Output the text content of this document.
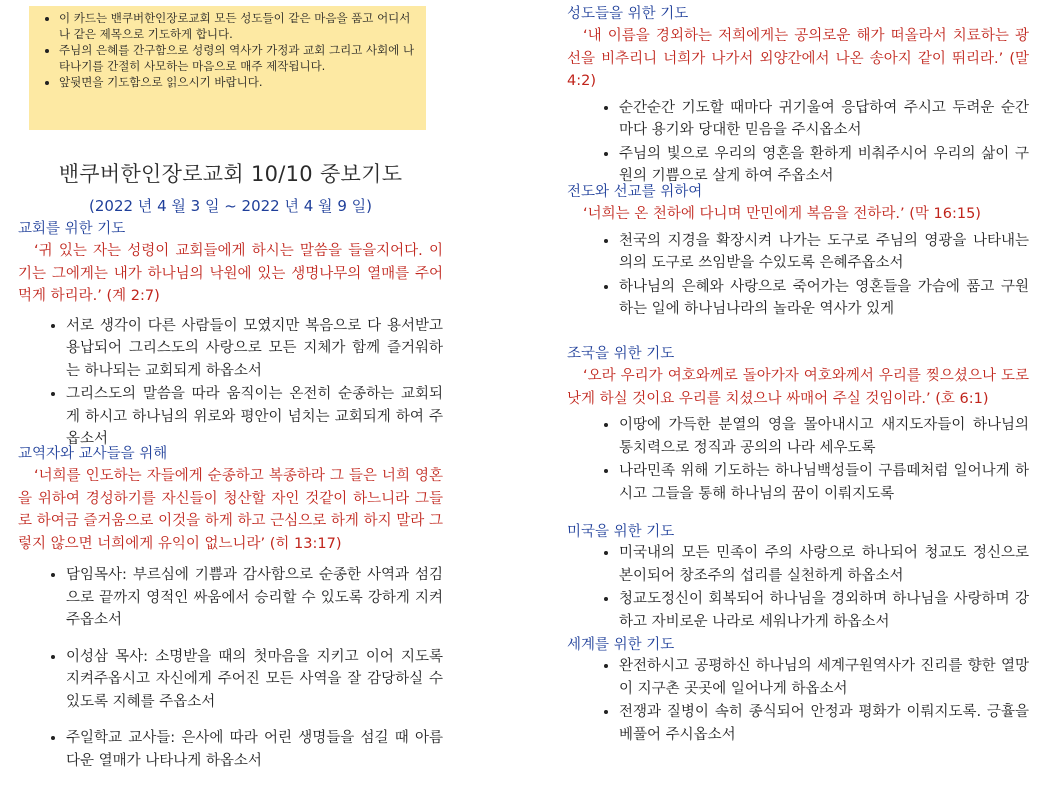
• 이 카드는 밴쿠버한인장로교회 모든 성도들이 같은 마음을 품고 어디서나 같은 제목으로 기도하게 합니다.
• 주님의 은혜를 간구함으로 성령의 역사가 가정과 교회 그리고 사회에 나타나기를 간절히 사모하는 마음으로 매주 제작됩니다.
• 앞뒷면을 기도함으로 읽으시기 바랍니다.
밴쿠버한인장로교회 10/10 중보기도
(2022 년 4 월 3 일 ~ 2022 년 4 월 9 일)
교회를 위한 기도

‘귀 있는 자는 성령이 교회들에게 하시는 말씀을 들을지어다. 이기는 그에게는 내가 하나님의 낙원에 있는 생명나무의 열매를 주어 먹게 하리라.’ (계 2:7)

• 서로 생각이 다른 사람들이 모였지만 복음으로 다 용서받고 용납되어 그리스도의 사랑으로 모든 지체가 함께 즐거워하는 하나되는 교회되게 하옵소서
• 그리스도의 말씀을 따라 움직이는 온전히 순종하는 교회되게 하시고 하나님의 위로와 평안이 넘치는 교회되게 하여 주옵소서
교역자와 교사들을 위해

‘너희를 인도하는 자들에게 순종하고 복종하라 그 들은 너희 영혼을 위하여 경성하기를 자신들이 청산할 자인 것같이 하느니라 그들로 하여금 즐거움으로 이것을 하게 하고 근심으로 하게 하지 말라 그렇지 않으면 너희에게 유익이 없느니라’ (히 13:17)

• 담임목사: 부르심에 기쁨과 감사함으로 순종한 사역과 섬김으로 끝까지 영적인 싸움에서 승리할 수 있도록 강하게 지켜 주옵소서
• 이성삼 목사: 소명받을 때의 첫마음을 지키고 이어 지도록 지켜주옵시고 자신에게 주어진 모든 사역을 잘 감당하실 수 있도록 지혜를 주옵소서
• 주일학교 교사들: 은사에 따라 어린 생명들을 섬길 때 아름다운 열매가 나타나게 하옵소서
성도들을 위한 기도

‘내 이름을 경외하는 저희에게는 공의로운 해가 떠올라서 치료하는 광선을 비추리니 너희가 나가서 외양간에서 나온 송아지 같이 뛰리라.’ (말 4:2)

• 순간순간 기도할 때마다 귀기울여 응답하여 주시고 두려운 순간마다 용기와 당대한 믿음을 주시옵소서
• 주님의 빛으로 우리의 영혼을 환하게 비춰주시어 우리의 삶이 구원의 기쁨으로 살게 하여 주옵소서
전도와 선교를 위하여

‘너희는 온 천하에 다니며 만민에게 복음을 전하라.’ (막 16:15)

• 천국의 지경을 확장시켜 나가는 도구로 주님의 영광을 나타내는 의의 도구로 쓰임받을 수있도록 은혜주옵소서
• 하나님의 은혜와 사랑으로 죽어가는 영혼들을 가슴에 품고 구원하는 일에 하나님나라의 놀라운 역사가 있게
조국을 위한 기도

‘오라 우리가 여호와께로 돌아가자 여호와께서 우리를 찢으셨으나 도로 낫게 하실 것이요 우리를 치셨으나 싸매어 주실 것임이라.’ (호 6:1)

• 이땅에 가득한 분열의 영을 몰아내시고 새지도자들이 하나님의 통치력으로 정직과 공의의 나라 세우도록
• 나라민족 위해 기도하는 하나님백성들이 구름떼처럼 일어나게 하시고 그들을 통해 하나님의 꿈이 이뤄지도록
미국을 위한 기도
• 미국내의 모든 민족이 주의 사랑으로 하나되어 청교도 정신으로 본이되어 창조주의 섭리를 실천하게 하옵소서
• 청교도정신이 회복되어 하나님을 경외하며 하나님을 사랑하며 강하고 자비로운 나라로 세워나가게 하옵소서
세계를 위한 기도
• 완전하시고 공평하신 하나님의 세계구원역사가 진리를 향한 열망이 지구촌 곳곳에 일어나게 하옵소서
• 전쟁과 질병이 속히 종식되어 안정과 평화가 이뤄지도록. 긍휼을 베풀어 주시옵소서
